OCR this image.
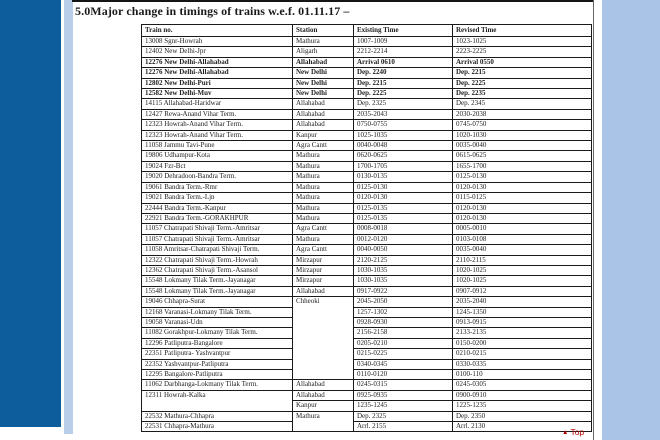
5.0Major change in timings of trains w.e.f. 01.11.17 –
Train no.	Station	Existing Time	Revised Time
13008 Sgnr-Howrah	Mathura	1007-1009	1023-1025
12402 New Delhi-Jpr	Aligarh	2212-2214	2223-2225
12276 New Delhi-Allahabad	Allahabad	Arrival 0610	Arrival 0550
12276 New Delhi-Allahabad	New Delhi	Dep. 2240	Dep. 2215
12802 New Delhi-Puri	New Delhi	Dep. 2215	Dep. 2225
12582 New Delhi-Muv	New Delhi	Dep. 2225	Dep. 2235
14115 Allahabad-Haridwar	Allahabad	Dep. 2325	Dep. 2345
12427 Rewa-Anand Vihar Term.	Allahabad	2035-2043	2030-2038
12323 Howrah-Anand Vihar Term.	Allahabad	0750-0755	0745-0750
12323 Howrah-Anand Vihar Term.	Kanpur	1025-1035	1020-1030
11058 Jammu Tavi-Pune	Agra Cantt	0040-0048	0035-0040
19806 Udhampur-Kota	Mathura	0620-0625	0615-0625
19024 Fzr-Bct	Mathura	1700-1705	1655-1700
19020 Dehradoon-Bandra Term.	Mathura	0130-0135	0125-0130
19061 Bandra Term.-Rmr	Mathura	0125-0130	0120-0130
19021 Bandra Term.-Ljn	Mathura	0120-0130	0115-0125
22444 Bandra Term.-Kanpur	Mathura	0125-0135	0120-0130
22921 Bandra Term.-GORAKHPUR	Mathura	0125-0135	0120-0130
11057 Chatrapati Shivaji Term.-Amritsar	Agra Cantt	0008-0018	0005-0010
11057 Chatrapati Shivaji Term.-Amritsar	Mathura	0012-0120	0103-0108
11058 Amritsar-Chatrapati Shivaji Term.	Agra Cantt	0040-0050	0035-0040
12322 Chatrapati Shivaji Term.-Howrah	Mirzapur	2120-2125	2110-2115
12362 Chatrapati Shivaji Term.-Asansol	Mirzapur	1030-1035	1020-1025
15548 Lokmany Tilak Term.-Jayanagar	Mirzapur	1030-1035	1020-1025
15548 Lokmany Tilak Term.-Jayanagar	Allahabad	0917-0922	0907-0912
19046 Chhapra-Surat	Chheoki	2045-2050	2035-2040
12168 Varanasi-Lokmany Tilak Term.		1257-1302	1245-1350
19058 Varanasi-Udn		0928-0930	0913-0915
11082 Gorakhpur-Lokmany Tilak Term.		2156-2158	2133-2135
12296 Patliputra-Bangalore		0205-0210	0150-0200
22351 Patliputra- Yashvantpur		0215-0225	0210-0215
22352 Yashvantpur-Patliputra		0340-0345	0330-0335
12295 Bangalore-Patliputra		0110-0120	0100-110
11062 Darbhanga-Lokmany Tilak Term.	Allahabad	0245-0315	0245-0305
12311 Howrah-Kalka	Allahabad	0925-0935	0900-0910
	Kanpur	1235-1245	1225-1235
22532 Mathura-Chhapra	Mathura	Dep. 2325	Dep. 2350
22531 Chhapra-Mathura		Arrl. 2155	Arrl. 2130
▲ Top
